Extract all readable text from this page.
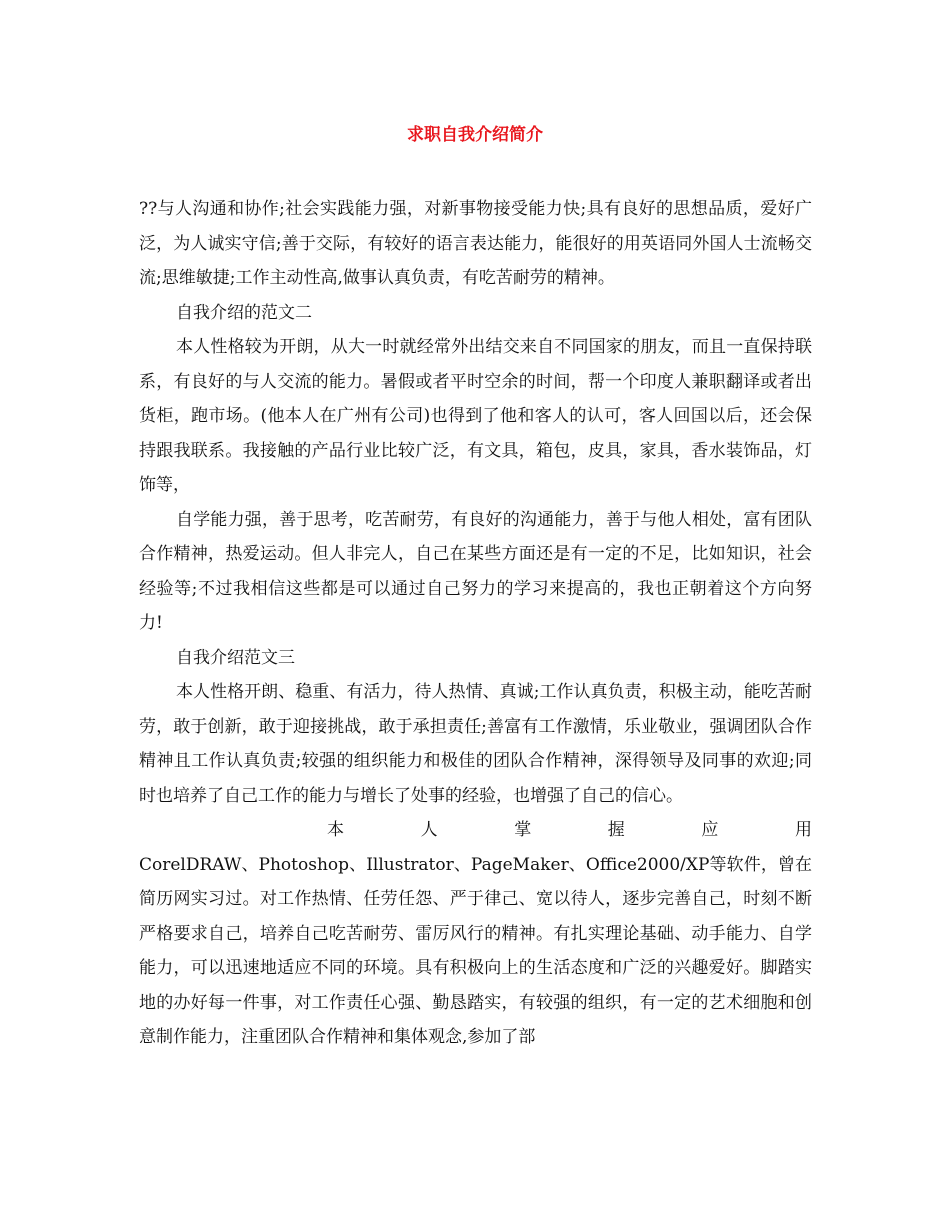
求职自我介绍简介

??与人沟通和协作;社会实践能力强，对新事物接受能力快;具有良好的思想品质，爱好广泛，为人诚实守信;善于交际，有较好的语言表达能力，能很好的用英语同外国人士流畅交流;思维敏捷;工作主动性高,做事认真负责，有吃苦耐劳的精神。

自我介绍的范文二

本人性格较为开朗，从大一时就经常外出结交来自不同国家的朋友，而且一直保持联系，有良好的与人交流的能力。暑假或者平时空余的时间，帮一个印度人兼职翻译或者出货柜，跑市场。(他本人在广州有公司)也得到了他和客人的认可，客人回国以后，还会保持跟我联系。我接触的产品行业比较广泛，有文具，箱包，皮具，家具，香水装饰品，灯饰等，

自学能力强，善于思考，吃苦耐劳，有良好的沟通能力，善于与他人相处，富有团队合作精神，热爱运动。但人非完人，自己在某些方面还是有一定的不足，比如知识，社会经验等;不过我相信这些都是可以通过自己努力的学习来提高的，我也正朝着这个方向努力!

自我介绍范文三

本人性格开朗、稳重、有活力，待人热情、真诚;工作认真负责，积极主动，能吃苦耐劳，敢于创新，敢于迎接挑战，敢于承担责任;善富有工作激情，乐业敬业，强调团队合作精神且工作认真负责;较强的组织能力和极佳的团队合作精神，深得领导及同事的欢迎;同时也培养了自己工作的能力与增长了处事的经验，也增强了自己的信心。

本	人	掌	握	应	用

CorelDRAW、Photoshop、Illustrator、PageMaker、Office2000/XP等软件，曾在简历网实习过。对工作热情、任劳任怨、严于律己、宽以待人，逐步完善自己，时刻不断严格要求自己，培养自己吃苦耐劳、雷厉风行的精神。有扎实理论基础、动手能力、自学能力，可以迅速地适应不同的环境。具有积极向上的生活态度和广泛的兴趣爱好。脚踏实地的办好每一件事，对工作责任心强、勤恳踏实，有较强的组织，有一定的艺术细胞和创意制作能力，注重团队合作精神和集体观念,参加了部
